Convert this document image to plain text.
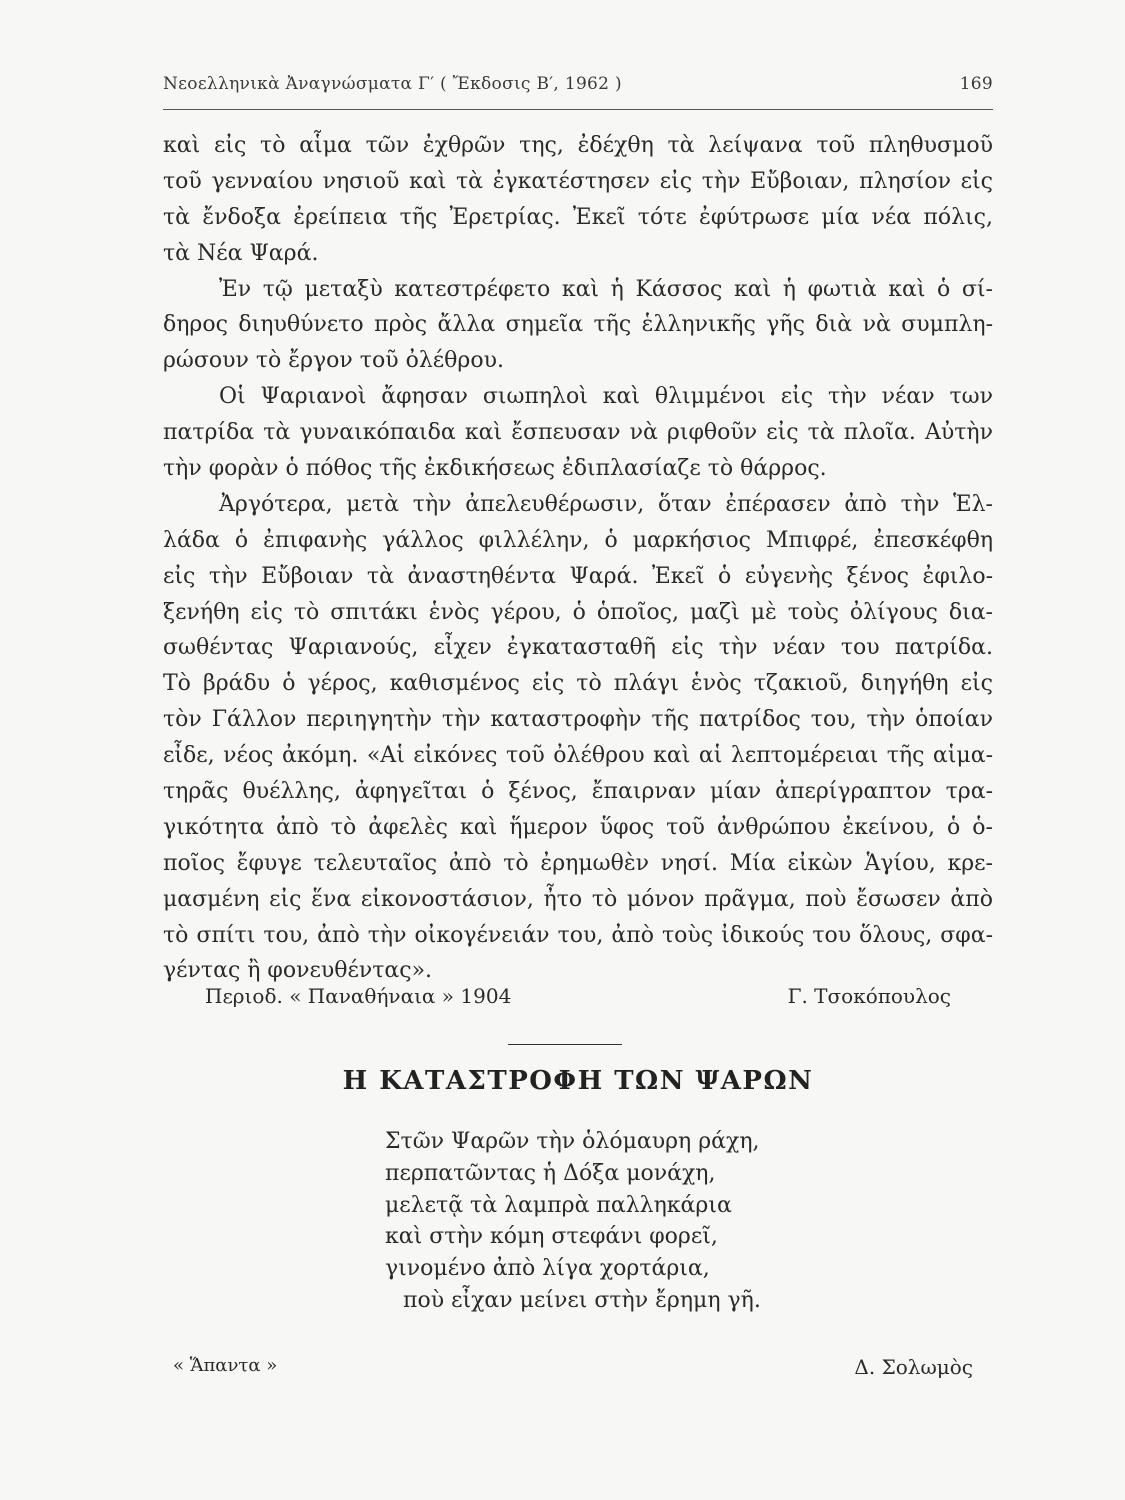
Νεοελληνικὰ Ἀναγνώσματα Γ′ ( Ἔκδοσις Β′, 1962 )	169
καὶ εἰς τὸ αἷμα τῶν ἐχθρῶν της, ἐδέχθη τὰ λείψανα τοῦ πληθυσμοῦ
τοῦ γενναίου νησιοῦ καὶ τὰ ἐγκατέστησεν εἰς τὴν Εὔβοιαν, πλησίον εἰς
τὰ ἔνδοξα ἐρείπεια τῆς Ἐρετρίας. Ἐκεῖ τότε ἐφύτρωσε μία νέα πόλις,
τὰ Νέα Ψαρά.
Ἐν τῷ μεταξὺ κατεστρέφετο καὶ ἡ Κάσσος καὶ ἡ φωτιὰ καὶ ὁ σί-
δηρος διηυθύνετο πρὸς ἄλλα σημεῖα τῆς ἑλληνικῆς γῆς διὰ νὰ συμπλη-
ρώσουν τὸ ἔργον τοῦ ὀλέθρου.
Οἱ Ψαριανοὶ ἄφησαν σιωπηλοὶ καὶ θλιμμένοι εἰς τὴν νέαν των
πατρίδα τὰ γυναικόπαιδα καὶ ἔσπευσαν νὰ ριφθοῦν εἰς τὰ πλοῖα. Αὐτὴν
τὴν φορὰν ὁ πόθος τῆς ἐκδικήσεως ἐδιπλασίαζε τὸ θάρρος.
Ἀργότερα, μετὰ τὴν ἀπελευθέρωσιν, ὅταν ἐπέρασεν ἀπὸ τὴν Ἑλ-
λάδα ὁ ἐπιφανὴς γάλλος φιλλέλην, ὁ μαρκήσιος Μπιφρέ, ἐπεσκέφθη
εἰς τὴν Εὔβοιαν τὰ ἀναστηθέντα Ψαρά. Ἐκεῖ ὁ εὐγενὴς ξένος ἐφιλο-
ξενήθη εἰς τὸ σπιτάκι ἑνὸς γέρου, ὁ ὁποῖος, μαζὶ μὲ τοὺς ὀλίγους δια-
σωθέντας Ψαριανούς, εἶχεν ἐγκατασταθῆ εἰς τὴν νέαν του πατρίδα.
Τὸ βράδυ ὁ γέρος, καθισμένος εἰς τὸ πλάγι ἑνὸς τζακιοῦ, διηγήθη εἰς
τὸν Γάλλον περιηγητὴν τὴν καταστροφὴν τῆς πατρίδος του, τὴν ὁποίαν
εἶδε, νέος ἀκόμη. «Αἱ εἰκόνες τοῦ ὀλέθρου καὶ αἱ λεπτομέρειαι τῆς αἱμα-
τηρᾶς θυέλλης, ἀφηγεῖται ὁ ξένος, ἔπαιρναν μίαν ἀπερίγραπτον τρα-
γικότητα ἀπὸ τὸ ἀφελὲς καὶ ἥμερον ὕφος τοῦ ἀνθρώπου ἐκείνου, ὁ ὁ-
ποῖος ἔφυγε τελευταῖος ἀπὸ τὸ ἐρημωθὲν νησί. Μία εἰκὼν Ἁγίου, κρε-
μασμένη εἰς ἕνα εἰκονοστάσιον, ἦτο τὸ μόνον πρᾶγμα, ποὺ ἔσωσεν ἀπὸ
τὸ σπίτι του, ἀπὸ τὴν οἰκογένειάν του, ἀπὸ τοὺς ἰδικούς του ὅλους, σφα-
γέντας ἢ φονευθέντας».
Περιοδ. « Παναθήναια » 1904	Γ. Τσοκόπουλος
Η ΚΑΤΑΣΤΡΟΦΗ ΤΩΝ ΨΑΡΩΝ
Στῶν Ψαρῶν τὴν ὁλόμαυρη ράχη,
περπατῶντας ἡ Δόξα μονάχη,
μελετᾷ τὰ λαμπρὰ παλληκάρια
καὶ στὴν κόμη στεφάνι φορεῖ,
γινομένο ἀπὸ λίγα χορτάρια,
ποὺ εἶχαν μείνει στὴν ἔρημη γῆ.
« Ἅπαντα »	Δ. Σολωμὸς
